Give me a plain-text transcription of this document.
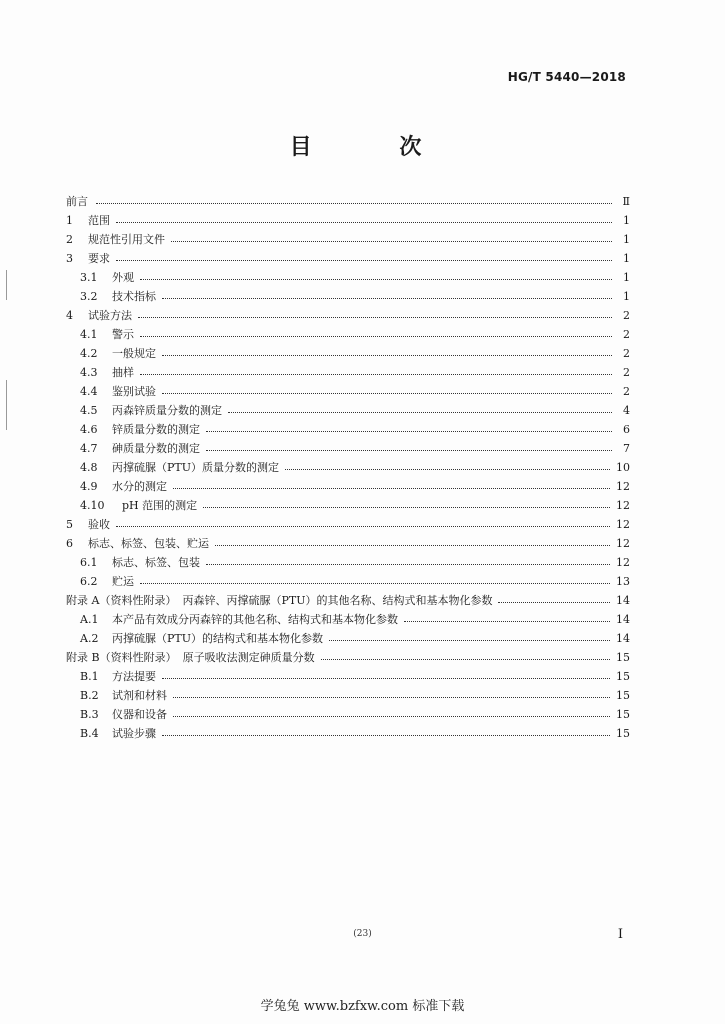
HG/T 5440—2018
目 次
前言	Ⅱ
1	范围	1
2	规范性引用文件	1
3	要求	1
3.1	外观	1
3.2	技术指标	1
4	试验方法	2
4.1	警示	2
4.2	一般规定	2
4.3	抽样	2
4.4	鉴别试验	2
4.5	丙森锌质量分数的测定	4
4.6	锌质量分数的测定	6
4.7	砷质量分数的测定	7
4.8	丙撑硫脲（PTU）质量分数的测定	10
4.9	水分的测定	12
4.10	pH 范围的测定	12
5	验收	12
6	标志、标签、包装、贮运	12
6.1	标志、标签、包装	12
6.2	贮运	13
附录 A（资料性附录） 丙森锌、丙撑硫脲（PTU）的其他名称、结构式和基本物化参数	14
A.1	本产品有效成分丙森锌的其他名称、结构式和基本物化参数	14
A.2	丙撑硫脲（PTU）的结构式和基本物化参数	14
附录 B（资料性附录） 原子吸收法测定砷质量分数	15
B.1	方法提要	15
B.2	试剂和材料	15
B.3	仪器和设备	15
B.4	试验步骤	15
(23)	I
学兔兔 www.bzfxw.com 标准下载
